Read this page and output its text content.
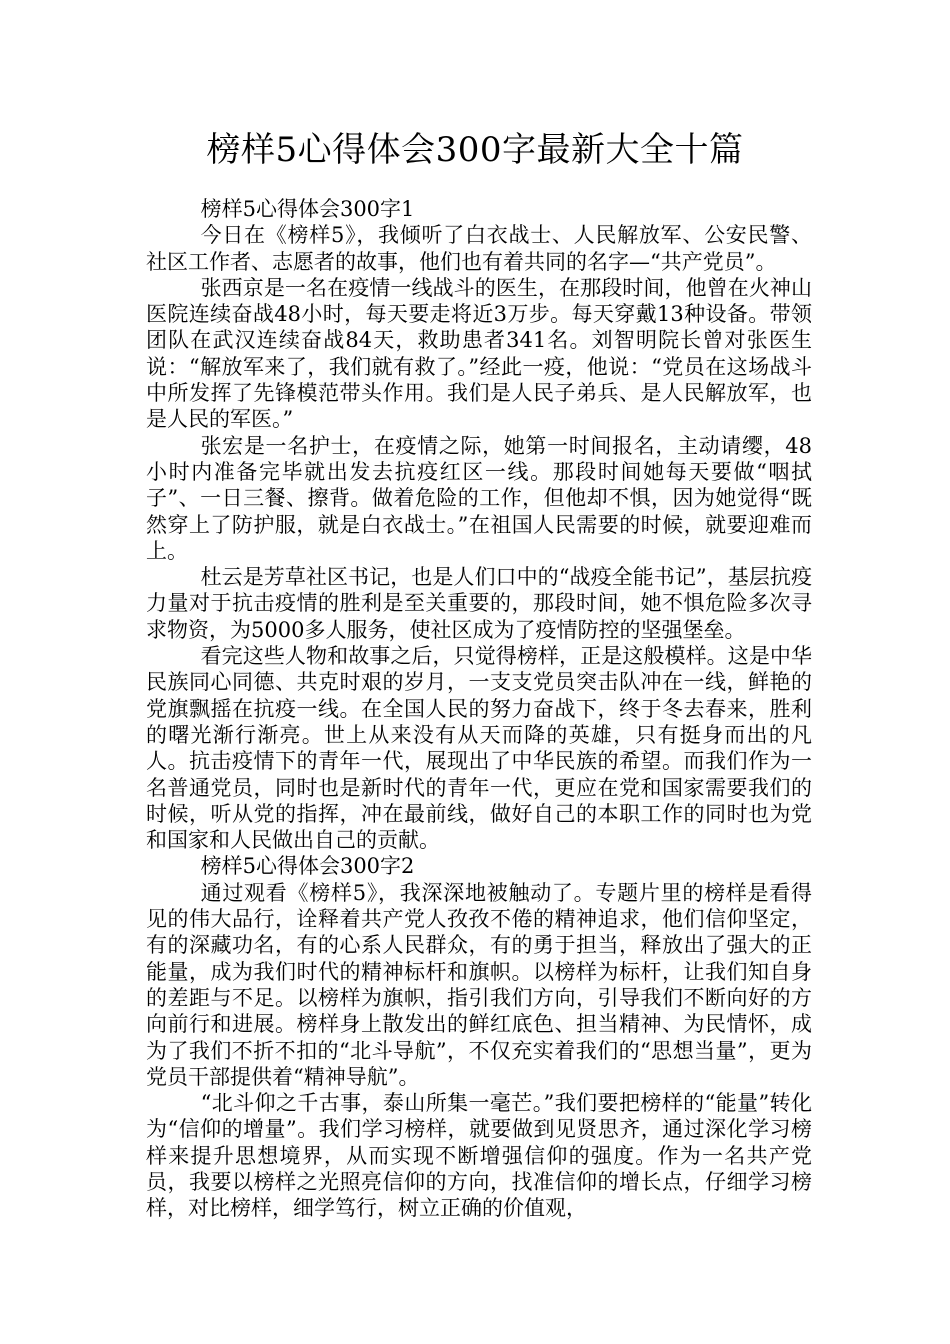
榜样5心得体会300字最新大全十篇

榜样5心得体会300字1

今日在《榜样5》，我倾听了白衣战士、人民解放军、公安民警、社区工作者、志愿者的故事，他们也有着共同的名字—“共产党员”。

张西京是一名在疫情一线战斗的医生，在那段时间，他曾在火神山医院连续奋战48小时，每天要走将近3万步。每天穿戴13种设备。带领团队在武汉连续奋战84天，救助患者341名。刘智明院长曾对张医生说：“解放军来了，我们就有救了。”经此一疫，他说：“党员在这场战斗中所发挥了先锋模范带头作用。我们是人民子弟兵、是人民解放军，也是人民的军医。”

张宏是一名护士，在疫情之际，她第一时间报名，主动请缨，48小时内准备完毕就出发去抗疫红区一线。那段时间她每天要做“咽拭子”、一日三餐、擦背。做着危险的工作，但他却不惧，因为她觉得“既然穿上了防护服，就是白衣战士。”在祖国人民需要的时候，就要迎难而上。

杜云是芳草社区书记，也是人们口中的“战疫全能书记”，基层抗疫力量对于抗击疫情的胜利是至关重要的，那段时间，她不惧危险多次寻求物资，为5000多人服务，使社区成为了疫情防控的坚强堡垒。

看完这些人物和故事之后，只觉得榜样，正是这般模样。这是中华民族同心同德、共克时艰的岁月，一支支党员突击队冲在一线，鲜艳的党旗飘摇在抗疫一线。在全国人民的努力奋战下，终于冬去春来，胜利的曙光渐行渐亮。世上从来没有从天而降的英雄，只有挺身而出的凡人。抗击疫情下的青年一代，展现出了中华民族的希望。而我们作为一名普通党员，同时也是新时代的青年一代，更应在党和国家需要我们的时候，听从党的指挥，冲在最前线，做好自己的本职工作的同时也为党和国家和人民做出自己的贡献。

榜样5心得体会300字2

通过观看《榜样5》，我深深地被触动了。专题片里的榜样是看得见的伟大品行，诠释着共产党人孜孜不倦的精神追求，他们信仰坚定，有的深藏功名，有的心系人民群众，有的勇于担当，释放出了强大的正能量，成为我们时代的精神标杆和旗帜。以榜样为标杆，让我们知自身的差距与不足。以榜样为旗帜，指引我们方向，引导我们不断向好的方向前行和进展。榜样身上散发出的鲜红底色、担当精神、为民情怀，成为了我们不折不扣的“北斗导航”，不仅充实着我们的“思想当量”，更为党员干部提供着“精神导航”。

“北斗仰之千古事，泰山所集一毫芒。”我们要把榜样的“能量”转化为“信仰的增量”。我们学习榜样，就要做到见贤思齐，通过深化学习榜样来提升思想境界，从而实现不断增强信仰的强度。作为一名共产党员，我要以榜样之光照亮信仰的方向，找准信仰的增长点，仔细学习榜样，对比榜样，细学笃行，树立正确的价值观，
